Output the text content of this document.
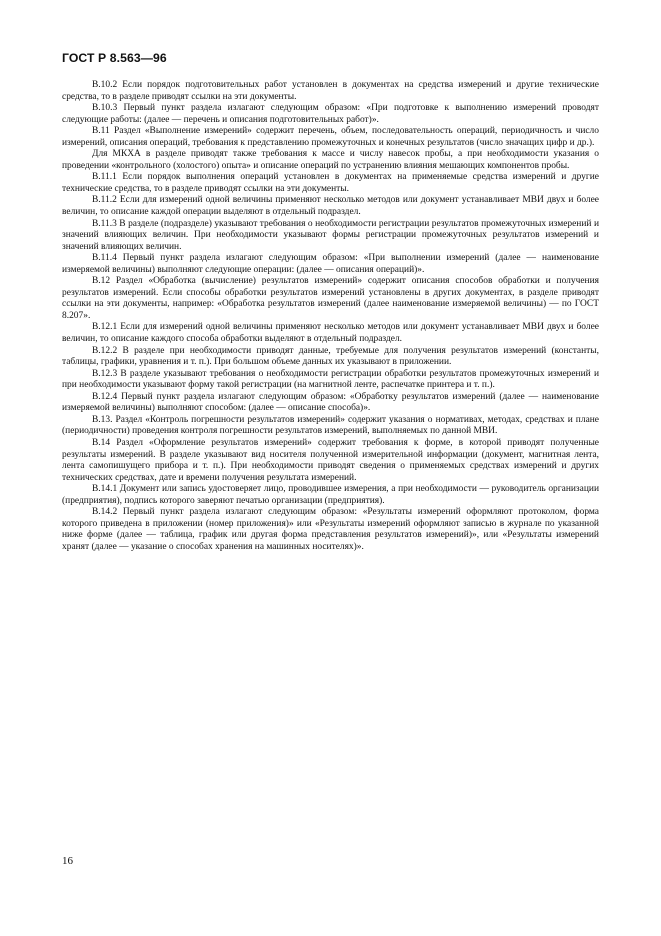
ГОСТ Р 8.563—96

В.10.2 Если порядок подготовительных работ установлен в документах на средства измерений и другие технические средства, то в разделе приводят ссылки на эти документы.

В.10.3 Первый пункт раздела излагают следующим образом: «При подготовке к выполнению измерений проводят следующие работы: (далее — перечень и описания подготовительных работ)».

В.11 Раздел «Выполнение измерений» содержит перечень, объем, последовательность операций, периодичность и число измерений, описания операций, требования к представлению промежуточных и конечных результатов (число значащих цифр и др.).

Для МКХА в разделе приводят также требования к массе и числу навесок пробы, а при необходимости указания о проведении «контрольного (холостого) опыта» и описание операций по устранению влияния мешающих компонентов пробы.

В.11.1 Если порядок выполнения операций установлен в документах на применяемые средства измерений и другие технические средства, то в разделе приводят ссылки на эти документы.

В.11.2 Если для измерений одной величины применяют несколько методов или документ устанавливает МВИ двух и более величин, то описание каждой операции выделяют в отдельный подраздел.

В.11.3 В разделе (подразделе) указывают требования о необходимости регистрации результатов промежуточных измерений и значений влияющих величин. При необходимости указывают формы регистрации промежуточных результатов измерений и значений влияющих величин.

В.11.4 Первый пункт раздела излагают следующим образом: «При выполнении измерений (далее — наименование измеряемой величины) выполняют следующие операции: (далее — описания операций)».

В.12 Раздел «Обработка (вычисление) результатов измерений» содержит описания способов обработки и получения результатов измерений. Если способы обработки результатов измерений установлены в других документах, в разделе приводят ссылки на эти документы, например: «Обработка результатов измерений (далее наименование измеряемой величины) — по ГОСТ 8.207».

В.12.1 Если для измерений одной величины применяют несколько методов или документ устанавливает МВИ двух и более величин, то описание каждого способа обработки выделяют в отдельный подраздел.

В.12.2 В разделе при необходимости приводят данные, требуемые для получения результатов измерений (константы, таблицы, графики, уравнения и т. п.). При большом объеме данных их указывают в приложении.

В.12.3 В разделе указывают требования о необходимости регистрации обработки результатов промежуточных измерений и при необходимости указывают форму такой регистрации (на магнитной ленте, распечатке принтера и т. п.).

В.12.4 Первый пункт раздела излагают следующим образом: «Обработку результатов измерений (далее — наименование измеряемой величины) выполняют способом: (далее — описание способа)».

В.13. Раздел «Контроль погрешности результатов измерений» содержит указания о нормативах, методах, средствах и плане (периодичности) проведения контроля погрешности результатов измерений, выполняемых по данной МВИ.

В.14 Раздел «Оформление результатов измерений» содержит требования к форме, в которой приводят полученные результаты измерений. В разделе указывают вид носителя полученной измерительной информации (документ, магнитная лента, лента самопишущего прибора и т. п.). При необходимости приводят сведения о применяемых средствах измерений и других технических средствах, дате и времени получения результата измерений.

В.14.1 Документ или запись удостоверяет лицо, проводившее измерения, а при необходимости — руководитель организации (предприятия), подпись которого заверяют печатью организации (предприятия).

В.14.2 Первый пункт раздела излагают следующим образом: «Результаты измерений оформляют протоколом, форма которого приведена в приложении (номер приложения)» или «Результаты измерений оформляют записью в журнале по указанной ниже форме (далее — таблица, график или другая форма представления результатов измерений)», или «Результаты измерений хранят (далее — указание о способах хранения на машинных носителях)».

16
